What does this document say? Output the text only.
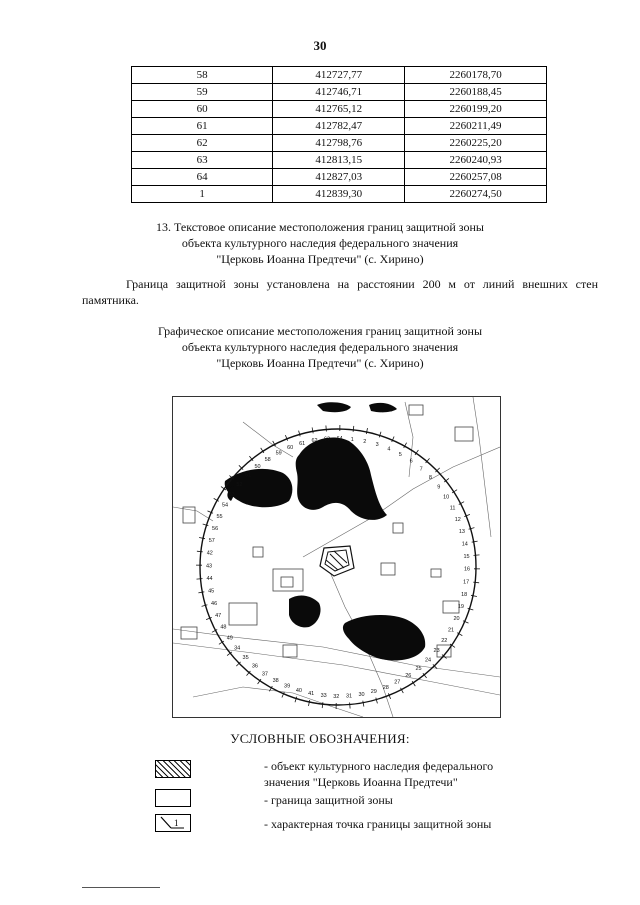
30
58	412727,77	2260178,70
59	412746,71	2260188,45
60	412765,12	2260199,20
61	412782,47	2260211,49
62	412798,76	2260225,20
63	412813,15	2260240,93
64	412827,03	2260257,08
1	412839,30	2260274,50
13. Текстовое описание местоположения границ защитной зоны
объекта культурного наследия федерального значения
"Церковь Иоанна Предтечи" (с. Хирино)
Граница защитной зоны установлена на расстоянии 200 м от линий внешних стен памятника.
Графическое описание местоположения границ защитной зоны
объекта культурного наследия федерального значения
"Церковь Иоанна Предтечи" (с. Хирино)
2
3
4
5
6
7
8
9
10
11
12
13
14
15
16
17
18
19
20
21
22
23
24
25
26
27
28
29
30
31
32
33
41
40
39
38
37
36
35
34
49
48
47
46
45
44
43
42
57
56
55
54
53
52
51
50
58
59
60
61 62 63 64 1
УСЛОВНЫЕ ОБОЗНАЧЕНИЯ:
- объект культурного наследия федерального
значения "Церковь Иоанна Предтечи"
- граница защитной зоны
1	- характерная точка границы защитной зоны
